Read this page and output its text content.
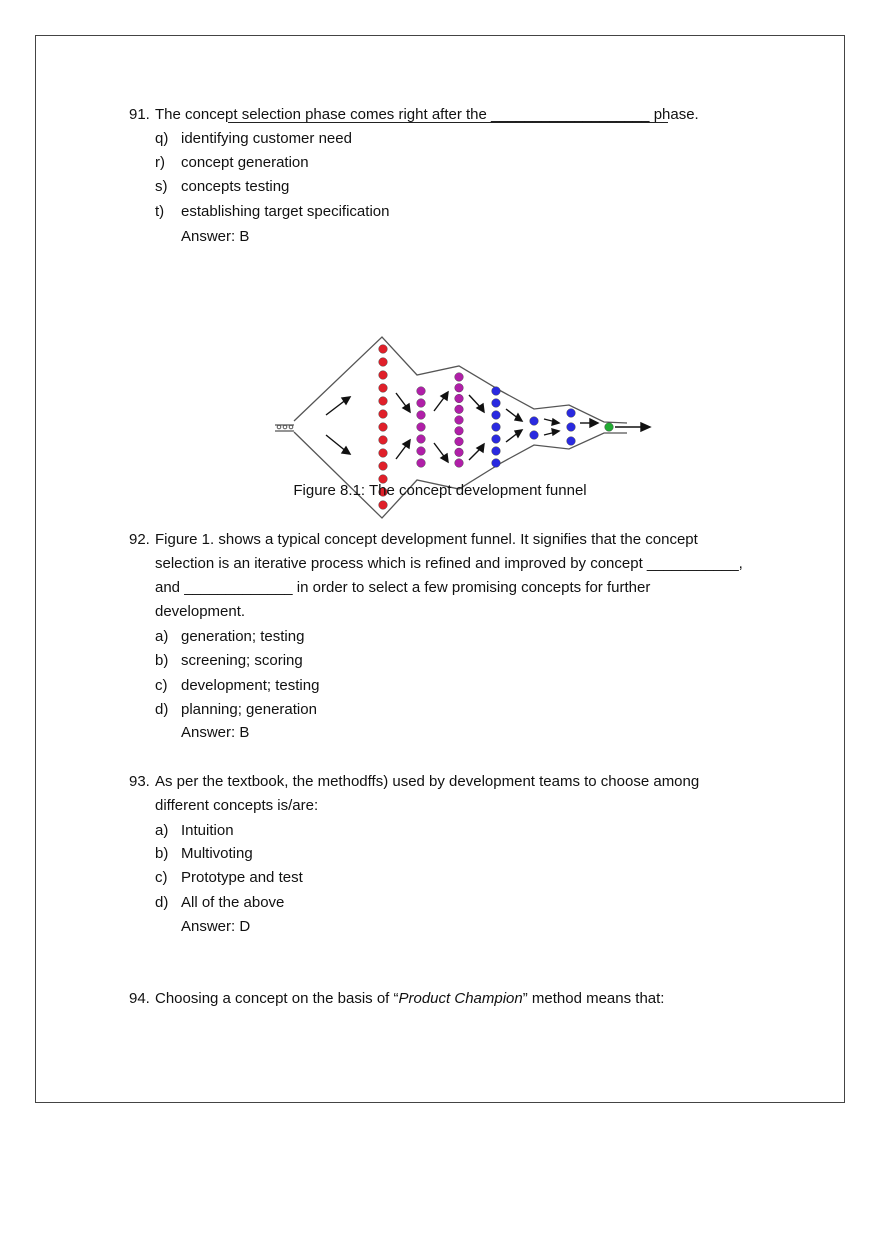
91. The concept selection phase comes right after the ___________________ phase.
q) identifying customer need
r) concept generation
s) concepts testing
t) establishing target specification
Answer: B
Figure 8.1: The concept development funnel
92. Figure 1. shows a typical concept development funnel. It signifies that the concept
selection is an iterative process which is refined and improved by concept ___________,
and _____________ in order to select a few promising concepts for further
development.
a) generation; testing
b) screening; scoring
c) development; testing
d) planning; generation
Answer: B
93. As per the textbook, the methodffs) used by development teams to choose among
different concepts is/are:
a) Intuition
b) Multivoting
c) Prototype and test
d) All of the above
Answer: D
94. Choosing a concept on the basis of “Product Champion” method means that:
